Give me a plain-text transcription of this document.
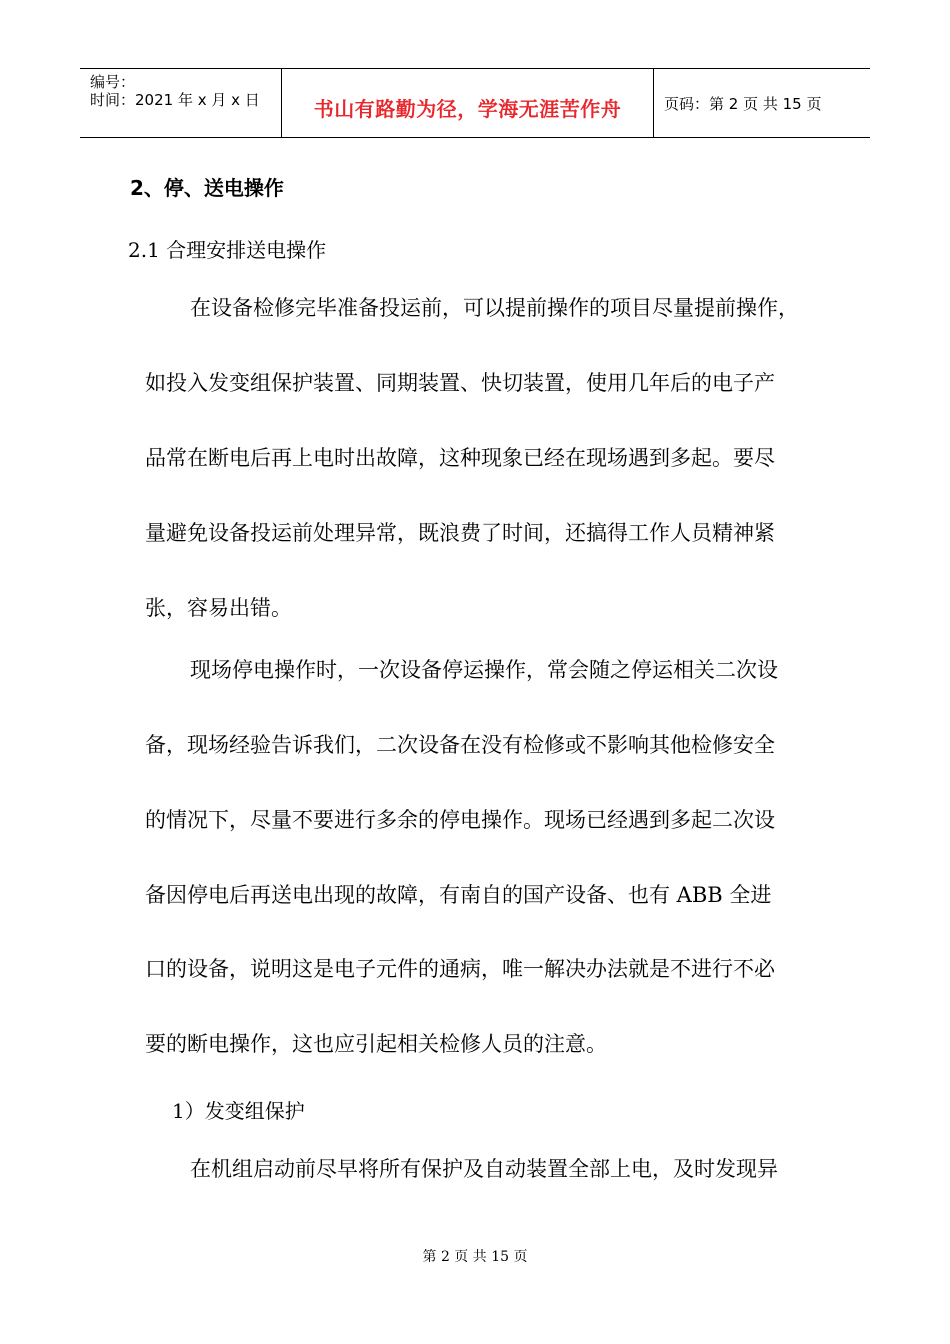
编号：
时间：2021 年 x 月 x 日	书山有路勤为径，学海无涯苦作舟	页码：第 2 页 共 15 页
2、停、送电操作
2.1 合理安排送电操作
在设备检修完毕准备投运前，可以提前操作的项目尽量提前操作，
如投入发变组保护装置、同期装置、快切装置，使用几年后的电子产
品常在断电后再上电时出故障，这种现象已经在现场遇到多起。要尽
量避免设备投运前处理异常，既浪费了时间，还搞得工作人员精神紧
张，容易出错。
现场停电操作时，一次设备停运操作，常会随之停运相关二次设
备，现场经验告诉我们，二次设备在没有检修或不影响其他检修安全
的情况下，尽量不要进行多余的停电操作。现场已经遇到多起二次设
备因停电后再送电出现的故障，有南自的国产设备、也有 ABB 全进
口的设备，说明这是电子元件的通病，唯一解决办法就是不进行不必
要的断电操作，这也应引起相关检修人员的注意。
1）发变组保护
在机组启动前尽早将所有保护及自动装置全部上电，及时发现异
第 2 页 共 15 页
